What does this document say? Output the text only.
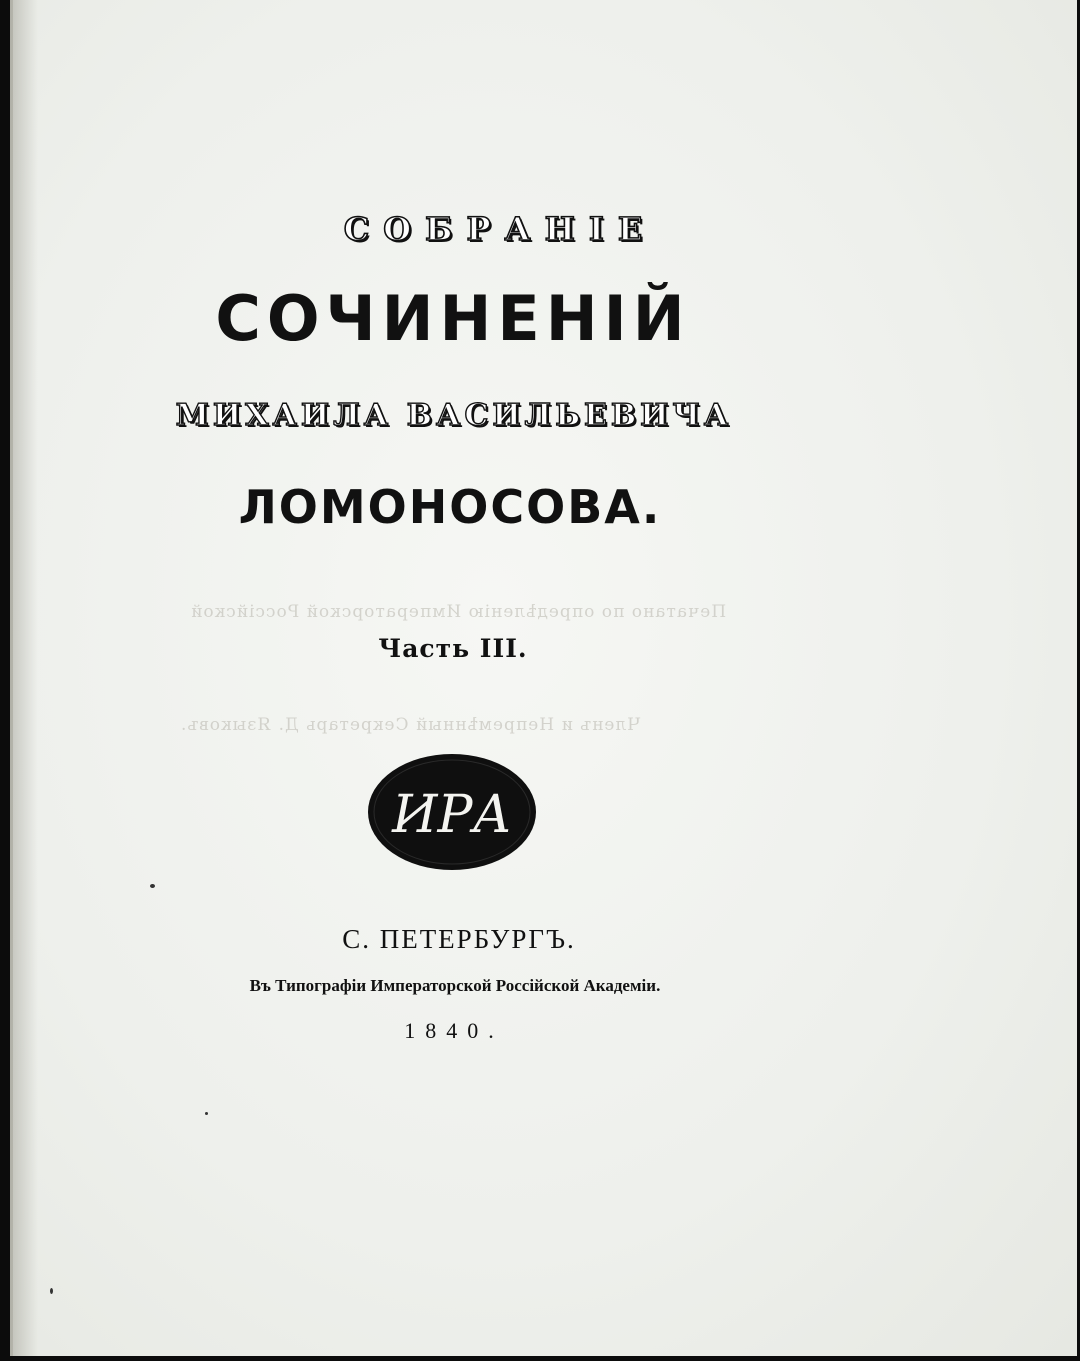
Печатано по опредѣленію Императорской Россійской
Членъ и Непремѣнный Секретарь Д. Языковъ.
СОБРАНІЕ
СОЧИНЕНІЙ
МИХАИЛА ВАСИЛЬЕВИЧА
ЛОМОНОСОВА.
Часть III.
ИРА
С. ПЕТЕРБУРГЪ.
Въ Типографіи Императорской Россійской Академіи.
1840.
